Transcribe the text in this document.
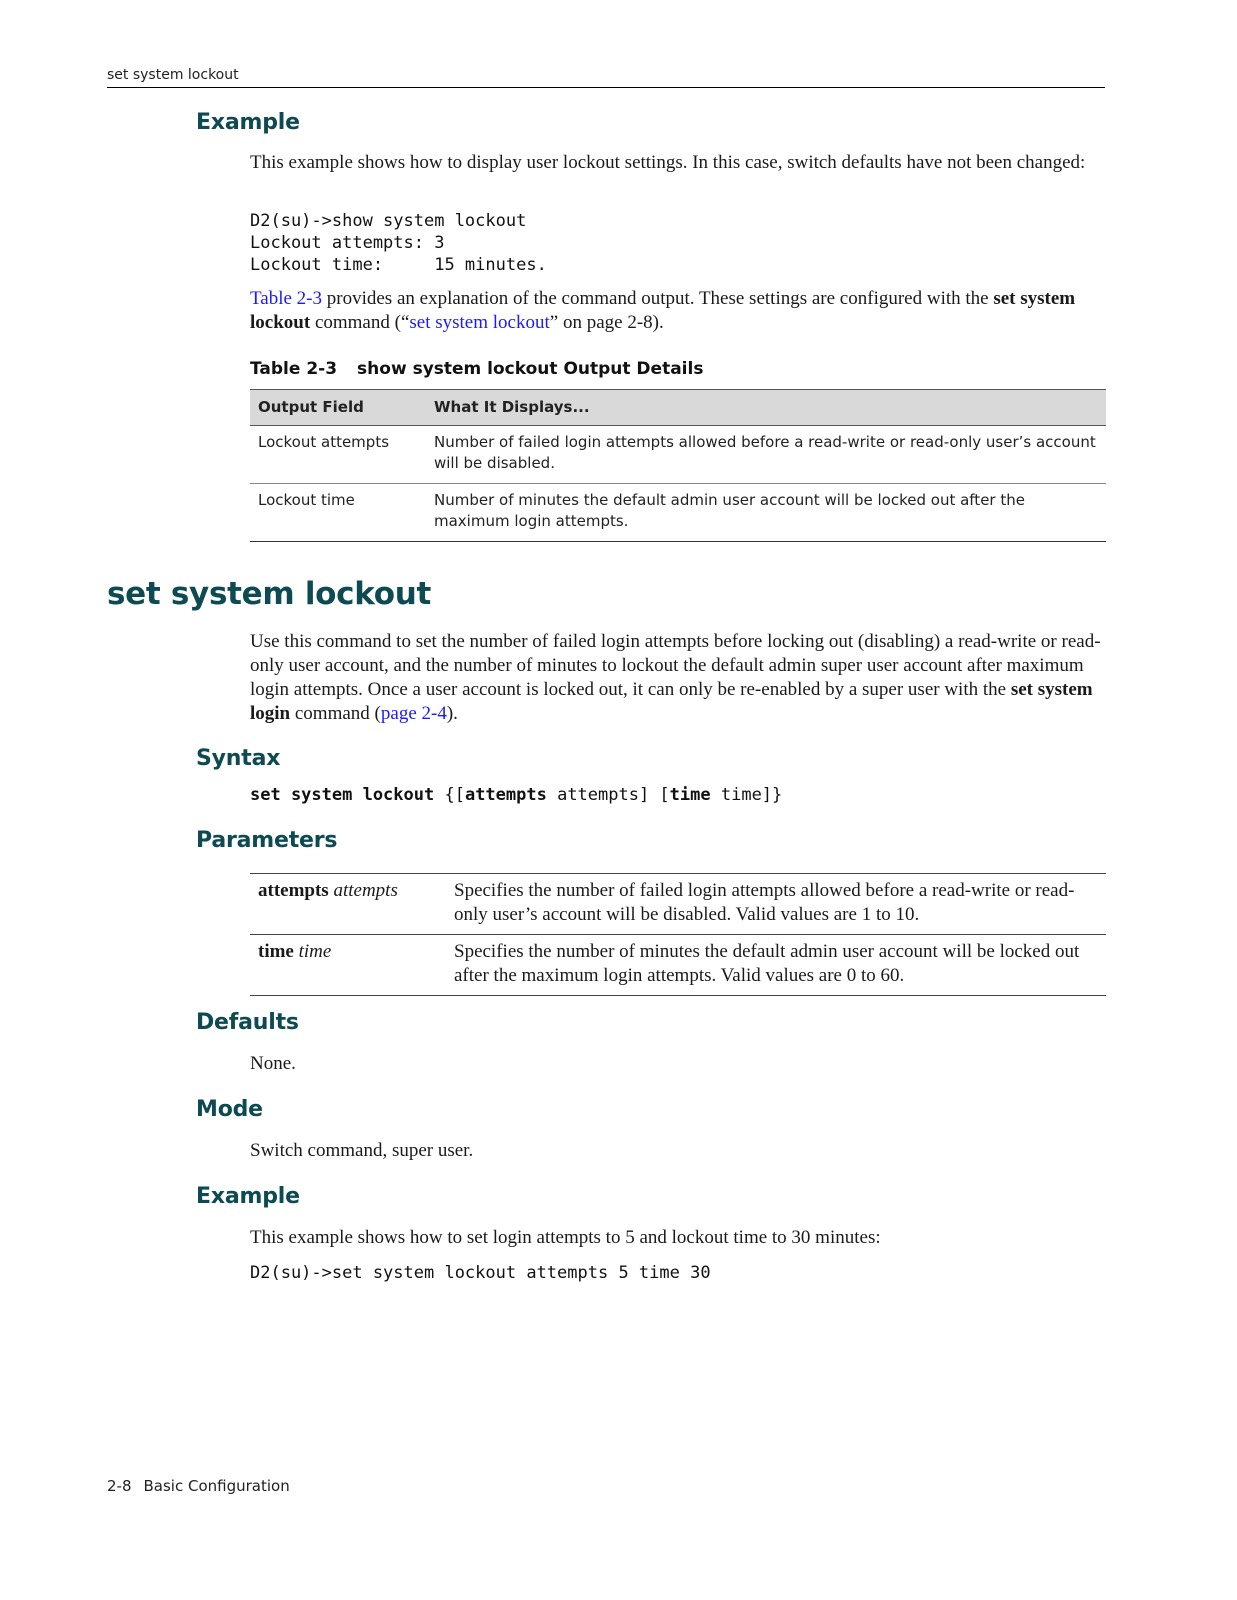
set system lockout
Example
This example shows how to display user lockout settings. In this case, switch defaults have not been changed:
D2(su)->show system lockout
Lockout attempts: 3
Lockout time:     15 minutes.
Table 2-3 provides an explanation of the command output. These settings are configured with the set system lockout command (“set system lockout” on page 2-8).
Table 2-3 show system lockout Output Details
Output Field	What It Displays...
Lockout attempts	Number of failed login attempts allowed before a read-write or read-only user’s account will be disabled.
Lockout time	Number of minutes the default admin user account will be locked out after the maximum login attempts.
set system lockout
Use this command to set the number of failed login attempts before locking out (disabling) a read-write or read-only user account, and the number of minutes to lockout the default admin super user account after maximum login attempts. Once a user account is locked out, it can only be re-enabled by a super user with the set system login command (page 2-4).
Syntax
set system lockout {[attempts attempts] [time time]}
Parameters
attempts attempts	Specifies the number of failed login attempts allowed before a read-write or read-only user’s account will be disabled. Valid values are 1 to 10.
time time	Specifies the number of minutes the default admin user account will be locked out after the maximum login attempts. Valid values are 0 to 60.
Defaults
None.
Mode
Switch command, super user.
Example
This example shows how to set login attempts to 5 and lockout time to 30 minutes:
D2(su)->set system lockout attempts 5 time 30
2-8 Basic Configuration
